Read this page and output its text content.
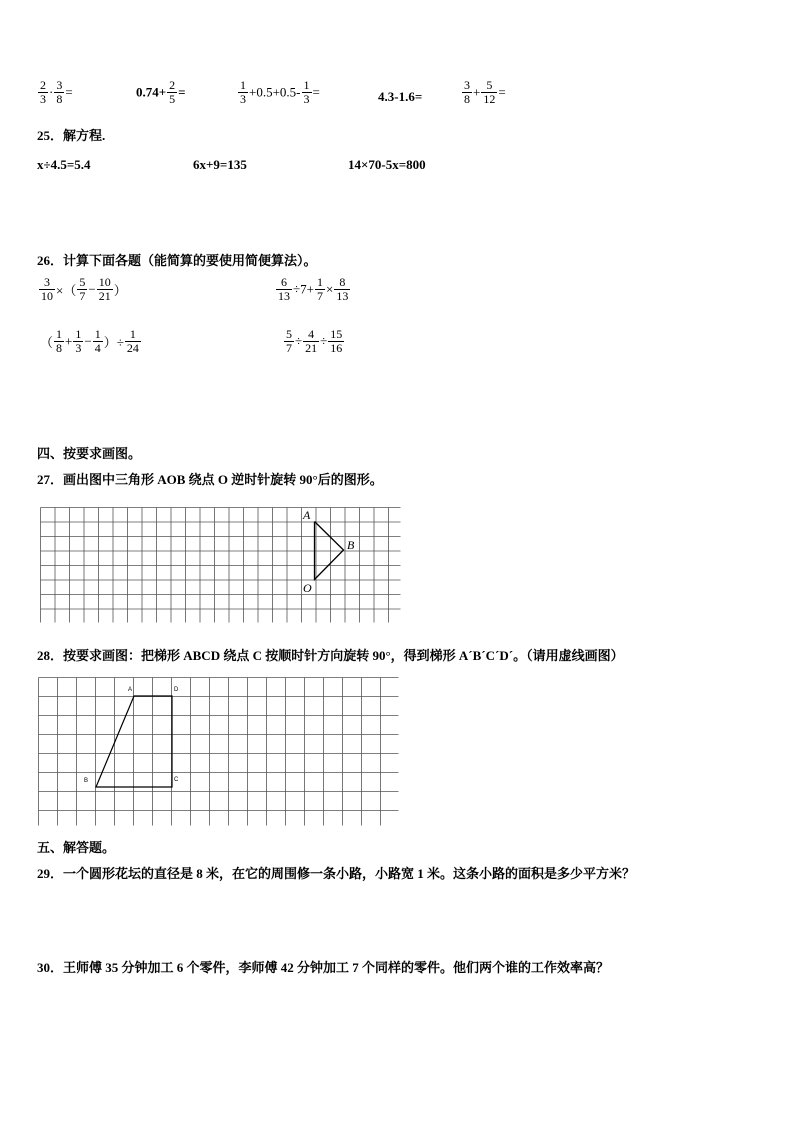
$\frac{2}{3} \cdot \frac{3}{8}$ =	$0.74+ \frac{2}{5}$ =	$\frac{1}{3} +0.5+0.5- \frac{1}{3}$ =	4.3-1.6=	$\frac{3}{8} + \frac{5}{12}$ =
25．解方程.
x÷4.5=5.4	6x+9=135	14×70-5x=800
26．计算下面各题（能简算的要使用简便算法）。
$\frac{3}{10}$ ×（ $\frac{5}{7} - \frac{10}{21}$ ）	$\frac{6}{13} \div 7+ \frac{1}{7} \times \frac{8}{13}$
（ $\frac{1}{8} + \frac{1}{3} - \frac{1}{4}$ ）÷ $\frac{1}{24}$	$\frac{5}{7} \div \frac{4}{21} \div \frac{15}{16}$
四、按要求画图。
27．画出图中三角形 AOB 绕点 O 逆时针旋转 90°后的图形。
A
B
O
28．按要求画图：把梯形 ABCD 绕点 C 按顺时针方向旋转 90°，得到梯形 A´B´C´D´。（请用虚线画图）
A	D
B	C
五、解答题。
29．一个圆形花坛的直径是 8 米，在它的周围修一条小路，小路宽 1 米。这条小路的面积是多少平方米？
30．王师傅 35 分钟加工 6 个零件，李师傅 42 分钟加工 7 个同样的零件。他们两个谁的工作效率高？
